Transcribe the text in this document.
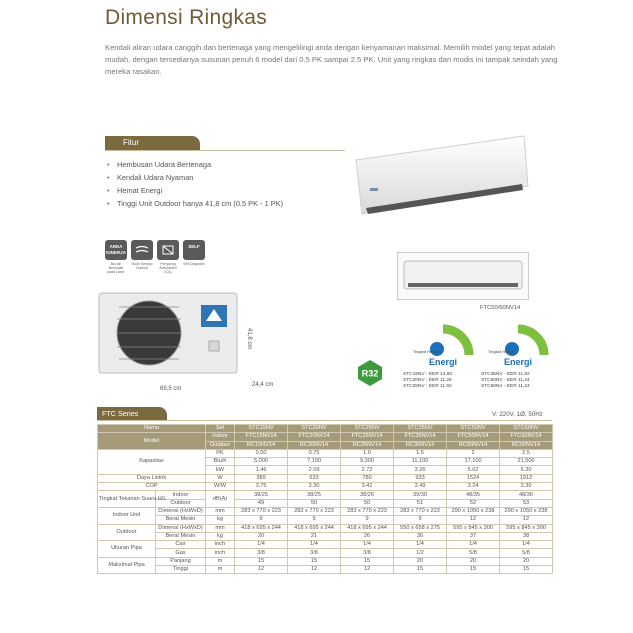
Dimensi Ringkas
Kendali aliran udara canggih dan bertenaga yang mengelilingi anda dengan kenyamanan maksimal. Memilih model yang tepat adalah mudah, dengan tersedianya susunan penuh 6 model dari 0.5 PK sampai 2.5 PK. Unit yang ringkas dan modis ini tampak seindah yang mereka rasakan.
Fitur
• Hembusan Udara Bertenaga
• Kendali Udara Nyaman
• Hemat Energi
• Tinggi Unit Outdoor hanya 41,8 cm (0,5 PK - 1 PK)
AREA KINERJA
Bio-fan Berundak pada Labor
Mode Senyap Outdoor
Penyaring Anti-bakteri (CA)
SELF
Self Diagnosis
FTC50/60NV14
41,8 cm
69,5 cm
24,4 cm
R32
Tingkat Hemat
Energi
Tingkat Hemat
Energi
STC15NV - EER 12,80
STC20NV - EER 11,26
STC25NV - EER 11,92
STC35NV - EER 11,92
STC50NV - EER 11,24
STC60NV - EER 11,24
FTC Series	V: 220V, 1Ø, 50Hz
Nama		Set	STC15NV	STC20NV	STC25NV	STC35NV	STC50NV	STC60NV
Model		Indoor	FTC15NV14	FTC20NV14	FTC25NV14	FTC35NV14	FTC50NV14	FTC60NV14
		Outdoor	RC15NV14	RC20NV14	RC25NV14	RC35NV14	RC50NV14	RC60NV14
Kapasitas		PK	0.50	0.75	1.0	1.5	2	2.5
		Btu/h	5,000	7,100	9,300	11,100	17,100	21,500
		kW	1.46	2.09	2.72	3.26	5.02	6.30
Daya Listrik		W	389	633	780	933	1524	1912
COP		W/W	3.75	3.30	3.41	3.49	3.24	3.30
Tingkat Tekanan Suara H/L	Indoor	dB(A)	38/25	38/25	38/26	39/30	48/35	48/36
	Outdoor		49	50	50	51	52	53
Indoor Unit	Dimensi (HxWxD)	mm	283 x 770 x 223	283 x 770 x 223	283 x 770 x 223	283 x 770 x 223	290 x 1050 x 238	290 x 1050 x 238
	Berat Mesin	kg	9	9	9	9	12	12
Outdoor	Dimensi (HxWxD)	mm	418 x 695 x 244	418 x 695 x 244	418 x 695 x 244	550 x 658 x 275	595 x 845 x 300	595 x 845 x 300
	Berat Mesin	kg	20	21	26	30	37	38
Ukuran Pipa	Cair	inch	1/4	1/4	1/4	1/4	1/4	1/4
	Gas	inch	3/8	3/8	3/8	1/2	5/8	5/8
Maksimal Pipa	Panjang	m	15	15	15	20	20	20
	Tinggi	m	12	12	12	15	15	15
